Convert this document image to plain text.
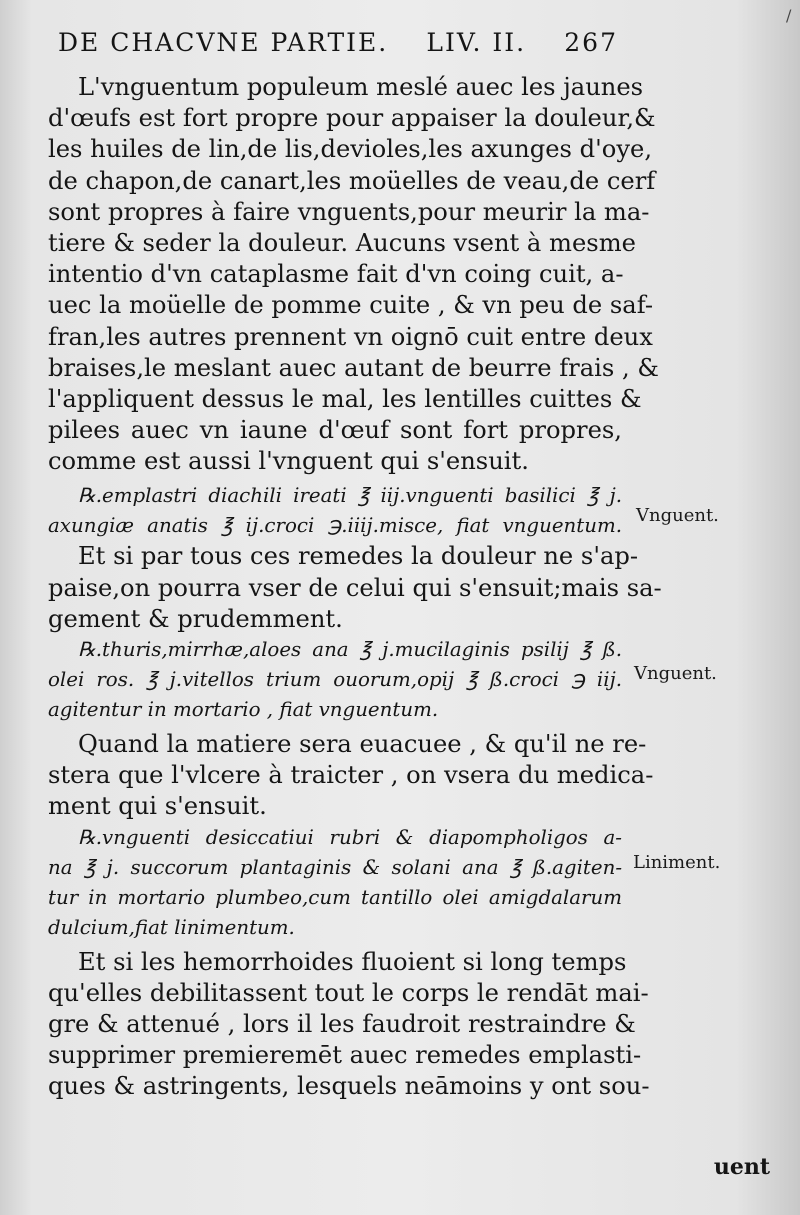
DE CHACVNE PARTIE. LIV. II. 267
/
L'vnguentum populeum meslé auec les jaunes
d'œufs est fort propre pour appaiser la douleur,&
les huiles de lin,de lis,devioles,les axunges d'oye,
de chapon,de canart,les moüelles de veau,de cerf
sont propres à faire vnguents,pour meurir la ma-
tiere & seder la douleur. Aucuns vsent à mesme
intentio d'vn cataplasme fait d'vn coing cuit, a-
uec la moüelle de pomme cuite , & vn peu de saf-
fran,les autres prennent vn oignō cuit entre deux
braises,le meslant auec autant de beurre frais , &
l'appliquent dessus le mal, les lentilles cuittes &
pilees auec vn iaune d'œuf sont fort propres,
comme est aussi l'vnguent qui s'ensuit.
℞.emplastri diachili ireati ℥ iij.vnguenti basilici ℥ j.
axungiæ anatis ℥ ij.croci ℈.iiij.misce, fiat vnguentum.
Et si par tous ces remedes la douleur ne s'ap-
paise,on pourra vser de celui qui s'ensuit;mais sa-
gement & prudemment.
℞.thuris,mirrhæ,aloes ana ℥ j.mucilaginis psilij ℥ ß.
olei ros. ℥ j.vitellos trium ouorum,opij ℥ ß.croci ℈ iij.
agitentur in mortario , fiat vnguentum.
Quand la matiere sera euacuee , & qu'il ne re-
stera que l'vlcere à traicter , on vsera du medica-
ment qui s'ensuit.
℞.vnguenti desiccatiui rubri & diapompholigos a-
na ℥ j. succorum plantaginis & solani ana ℥ ß.agiten-
tur in mortario plumbeo,cum tantillo olei amigdalarum
dulcium,fiat linimentum.
Et si les hemorrhoides fluoient si long temps
qu'elles debilitassent tout le corps le rendāt mai-
gre & attenué , lors il les faudroit restraindre &
supprimer premieremēt auec remedes emplasti-
ques & astringents, lesquels neāmoins y ont sou-
Vnguent.
Vnguent.
Liniment.
uent
